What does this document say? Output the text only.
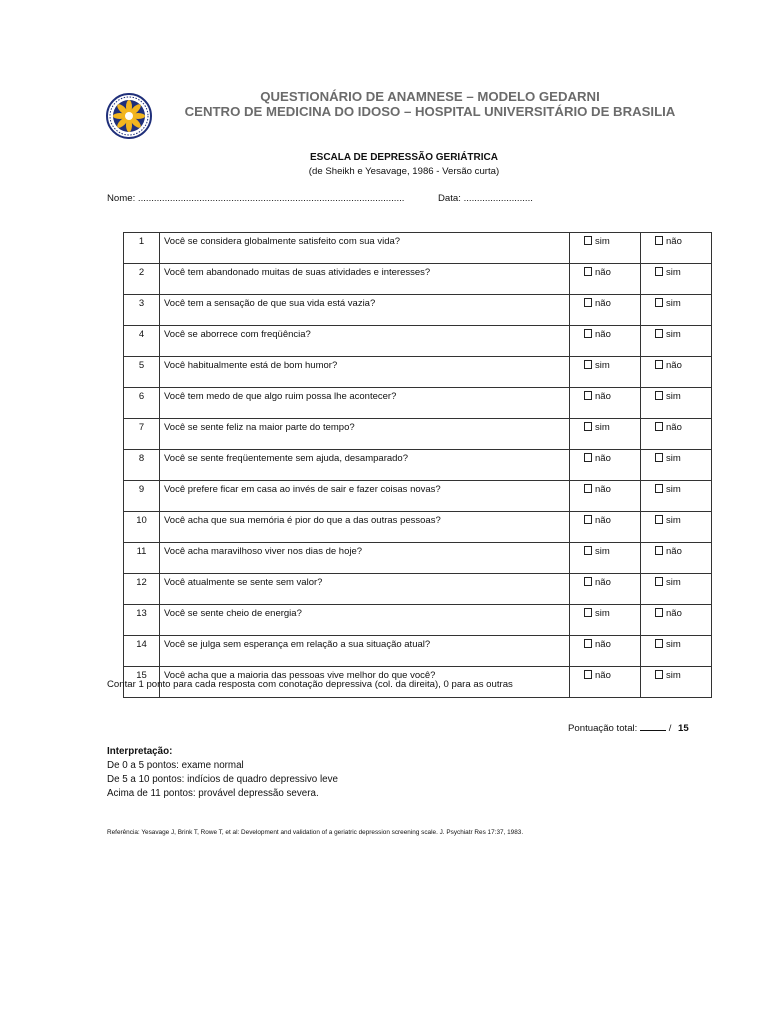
QUESTIONÁRIO DE ANAMNESE – MODELO GEDARNI
CENTRO DE MEDICINA DO IDOSO – HOSPITAL UNIVERSITÁRIO DE BRASILIA
ESCALA DE DEPRESSÃO GERIÁTRICA
(de Sheikh e Yesavage, 1986 - Versão curta)
Nome: ....................................................................................................	Data: ..........................
1	Você se considera globalmente satisfeito com sua vida?	sim	não
2	Você tem abandonado muitas de suas atividades e interesses?	não	sim
3	Você tem a sensação de que sua vida está vazia?	não	sim
4	Você se aborrece com freqüência?	não	sim
5	Você habitualmente está de bom humor?	sim	não
6	Você tem medo de que algo ruim possa lhe acontecer?	não	sim
7	Você se sente feliz na maior parte do tempo?	sim	não
8	Você se sente freqüentemente sem ajuda, desamparado?	não	sim
9	Você prefere ficar em casa ao invés de sair e fazer coisas novas?	não	sim
10	Você acha que sua memória é pior do que a das outras pessoas?	não	sim
11	Você acha maravilhoso viver nos dias de hoje?	sim	não
12	Você atualmente se sente sem valor?	não	sim
13	Você se sente cheio de energia?	sim	não
14	Você se julga sem esperança em relação a sua situação atual?	não	sim
15	Você acha que a maioria das pessoas vive melhor do que você?	não	sim
Contar 1 ponto para cada resposta com conotação depressiva (col. da direita), 0 para as outras
Pontuação total:	/ 15
Interpretação:
De 0 a 5 pontos: exame normal
De 5 a 10 pontos: indícios de quadro depressivo leve
Acima de 11 pontos: provável depressão severa.
Referência: Yesavage J, Brink T, Rowe T, et al: Development and validation of a geriatric depression screening scale. J. Psychiatr Res 17:37, 1983.
